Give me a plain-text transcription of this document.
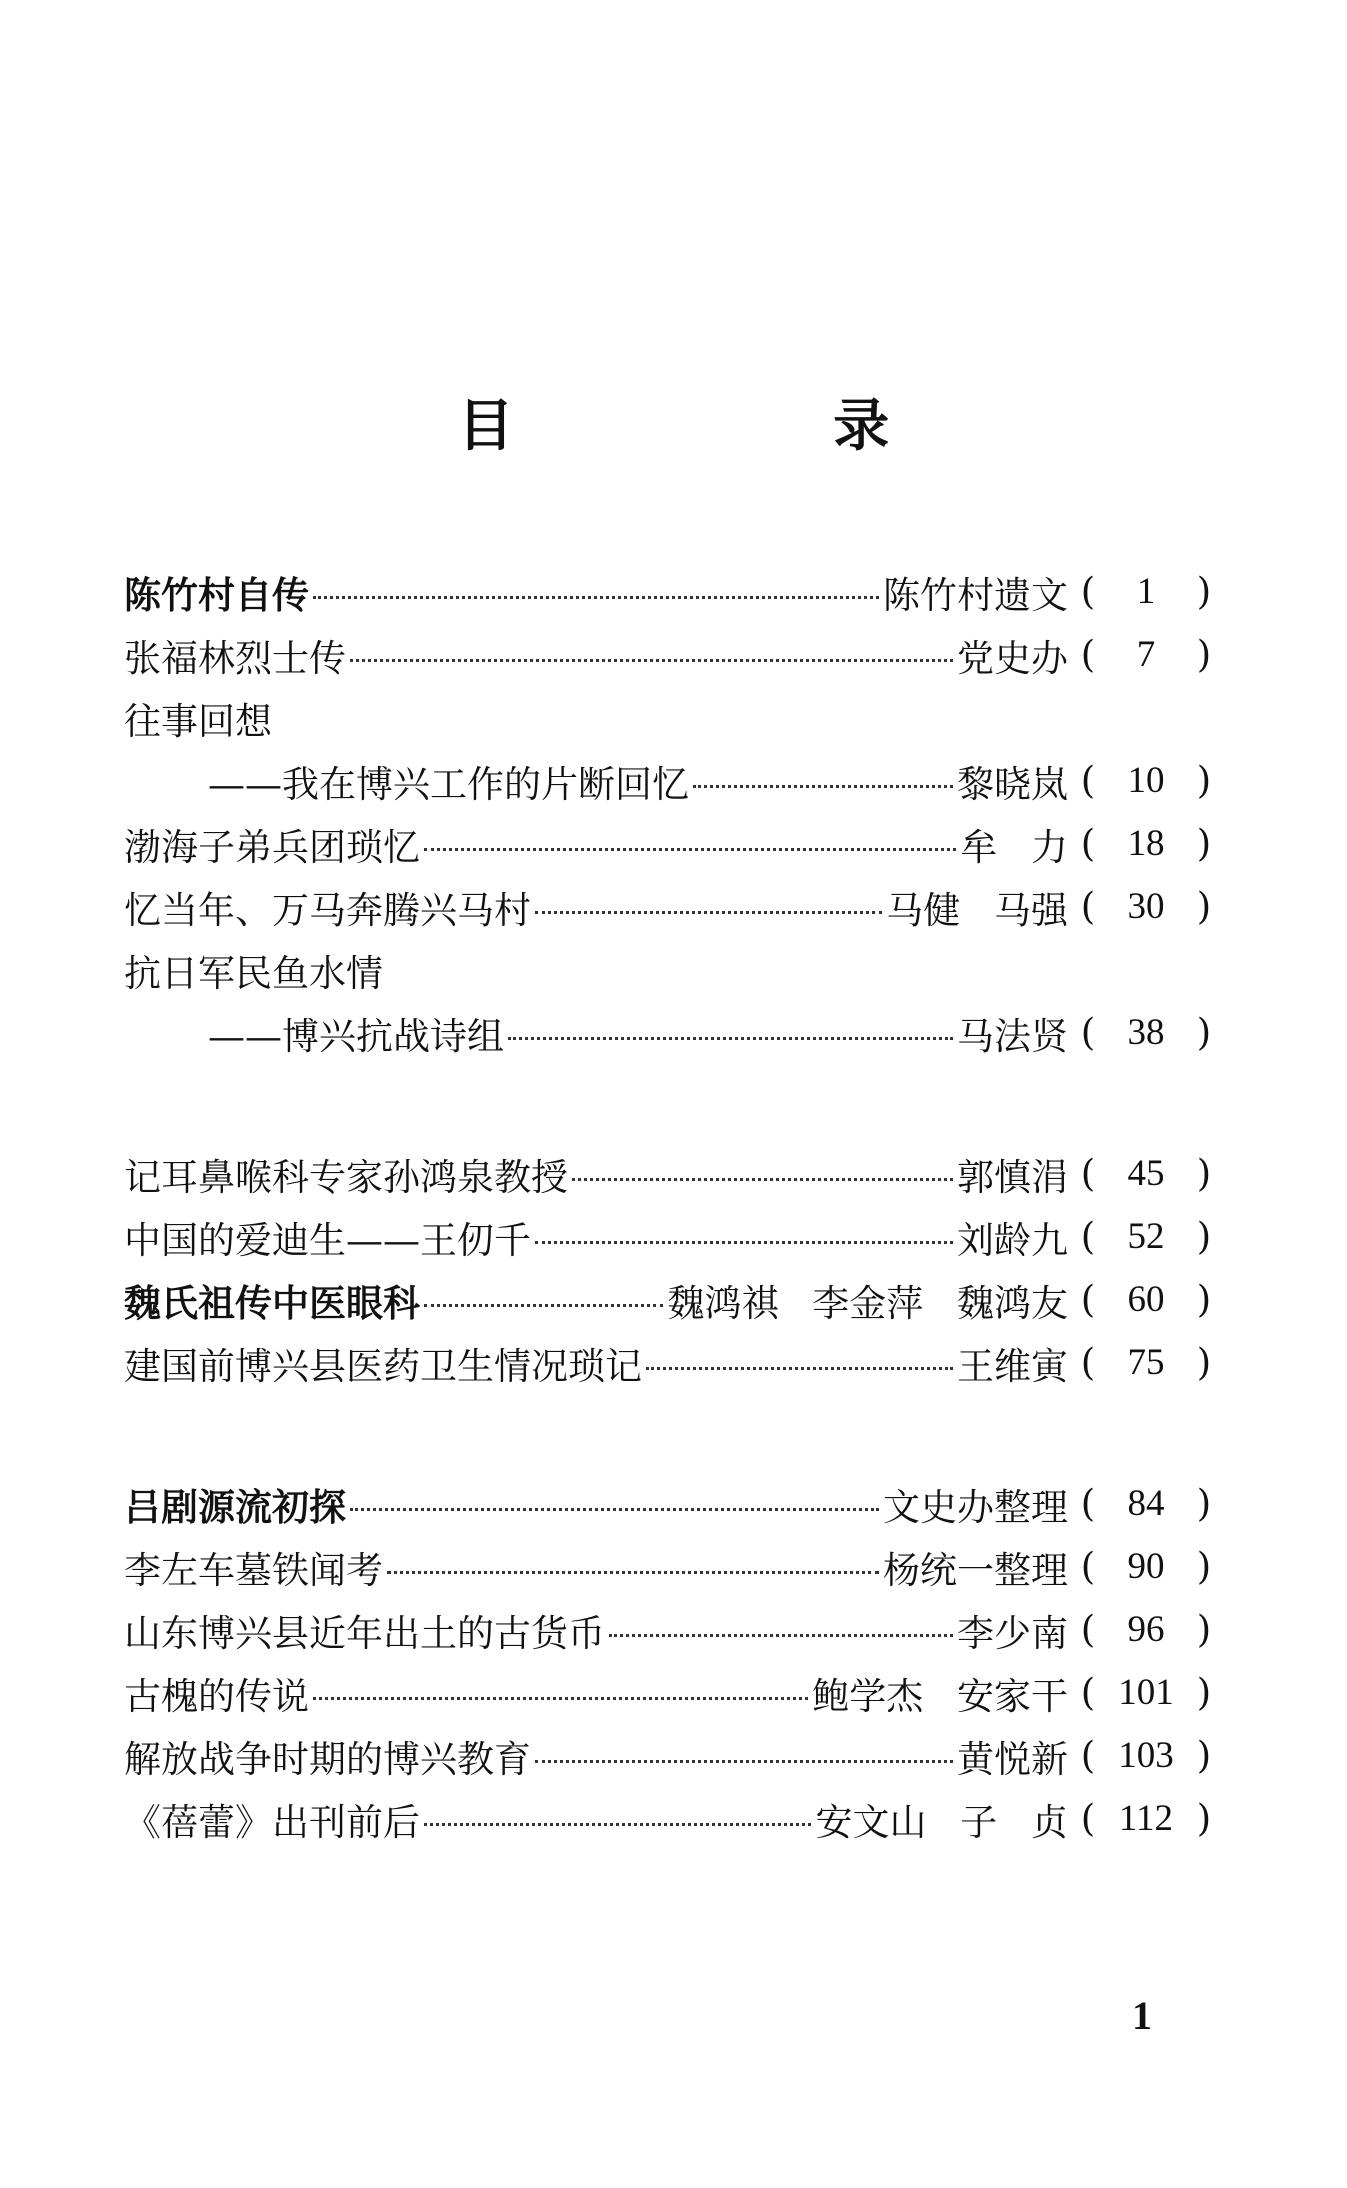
目 录
陈竹村自传	陈竹村遗文 (	1	)
张福林烈士传	党史办 (	7	)
往事回想
——我在博兴工作的片断回忆	黎晓岚 ( 10 )
渤海子弟兵团琐忆	牟 力 ( 18 )
忆当年、万马奔腾兴马村	马健 马强 ( 30 )
抗日军民鱼水情
——博兴抗战诗组	马法贤 ( 38 )
记耳鼻喉科专家孙鸿泉教授	郭慎涓 ( 45 )
中国的爱迪生——王仞千	刘龄九 ( 52 )
魏氏祖传中医眼科	魏鸿祺 李金萍 魏鸿友 ( 60 )
建国前博兴县医药卫生情况琐记	王维寅 ( 75 )
吕剧源流初探	文史办整理 ( 84 )
李左车墓铁闻考	杨统一整理 ( 90 )
山东博兴县近年出土的古货币	李少南 ( 96 )
古槐的传说	鲍学杰 安家干 ( 101 )
解放战争时期的博兴教育	黄悦新 ( 103 )
《蓓蕾》出刊前后	安文山 子 贞 ( 112 )
1
